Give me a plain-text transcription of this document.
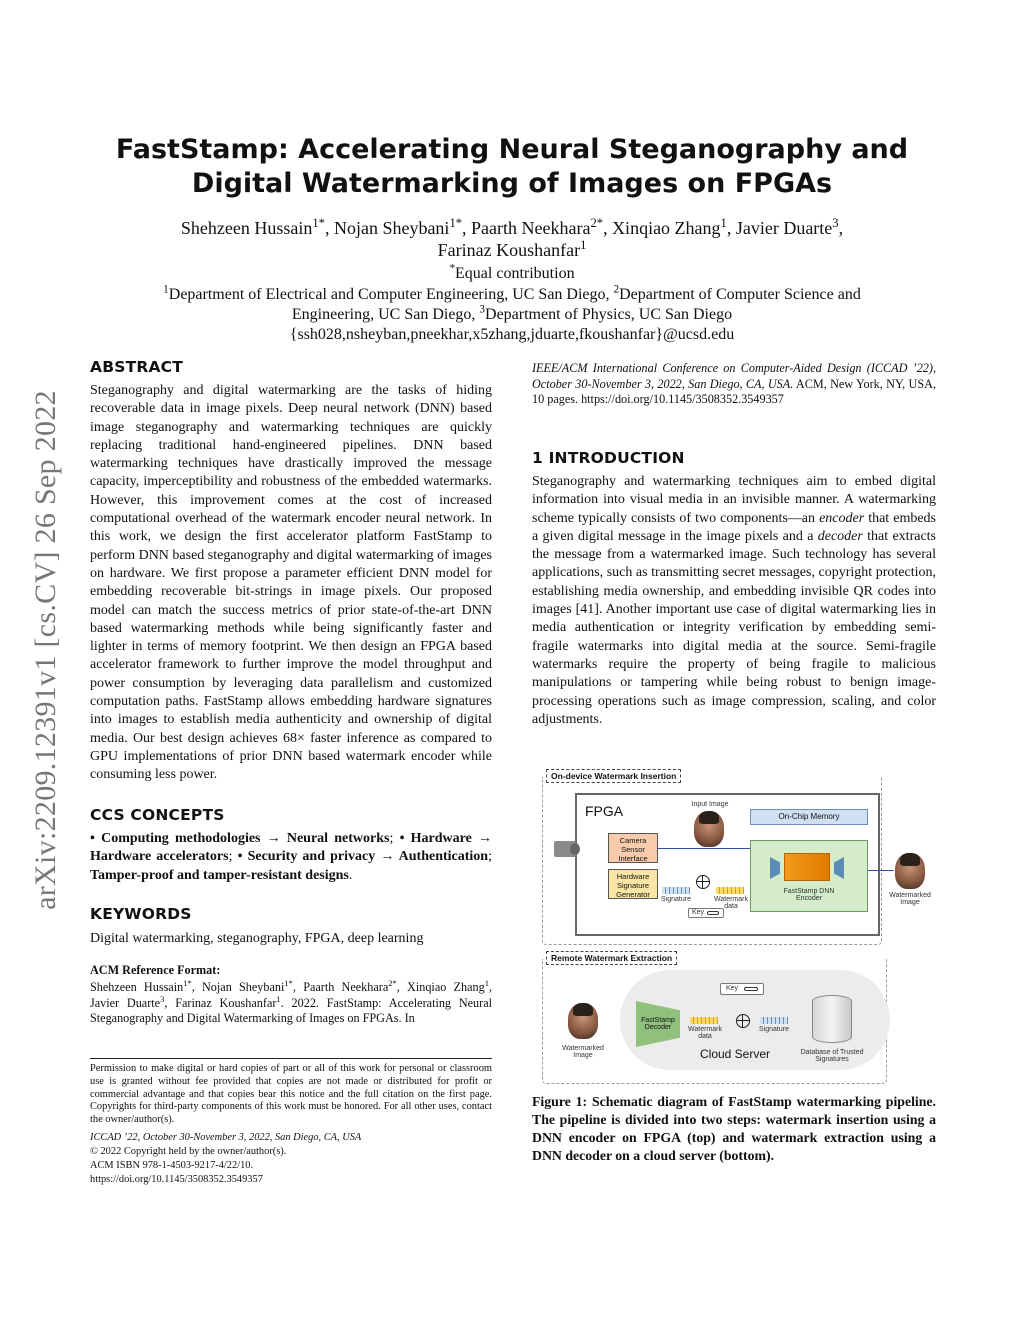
arXiv:2209.12391v1 [cs.CV] 26 Sep 2022
FastStamp: Accelerating Neural Steganography and Digital Watermarking of Images on FPGAs
Shehzeen Hussain$^{1*}$, Nojan Sheybani$^{1*}$, Paarth Neekhara$^{2*}$, Xinqiao Zhang$^1$, Javier Duarte$^3$,
Farinaz Koushanfar$^1$
*Equal contribution
$^1$Department of Electrical and Computer Engineering, UC San Diego, $^2$Department of Computer Science and
Engineering, UC San Diego, $^3$Department of Physics, UC San Diego
{ssh028,nsheyban,pneekhar,x5zhang,jduarte,fkoushanfar}@ucsd.edu
ABSTRACT
Steganography and digital watermarking are the tasks of hiding recoverable data in image pixels. Deep neural network (DNN) based image steganography and watermarking techniques are quickly replacing traditional hand-engineered pipelines. DNN based watermarking techniques have drastically improved the message capacity, imperceptibility and robustness of the embedded watermarks. However, this improvement comes at the cost of increased computational overhead of the watermark encoder neural network. In this work, we design the first accelerator platform FastStamp to perform DNN based steganography and digital watermarking of images on hardware. We first propose a parameter efficient DNN model for embedding recoverable bit-strings in image pixels. Our proposed model can match the success metrics of prior state-of-the-art DNN based watermarking methods while being significantly faster and lighter in terms of memory footprint. We then design an FPGA based accelerator framework to further improve the model throughput and power consumption by leveraging data parallelism and customized computation paths. FastStamp allows embedding hardware signatures into images to establish media authenticity and ownership of digital media. Our best design achieves 68× faster inference as compared to GPU implementations of prior DNN based watermark encoder while consuming less power.
CCS CONCEPTS
• Computing methodologies → Neural networks; • Hardware → Hardware accelerators; • Security and privacy → Authentication; Tamper-proof and tamper-resistant designs.
KEYWORDS
Digital watermarking, steganography, FPGA, deep learning
ACM Reference Format:
Shehzeen Hussain$^{1*}$, Nojan Sheybani$^{1*}$, Paarth Neekhara$^{2*}$, Xinqiao Zhang$^1$, Javier Duarte$^3$, Farinaz Koushanfar$^1$. 2022. FastStamp: Accelerating Neural Steganography and Digital Watermarking of Images on FPGAs. In
Permission to make digital or hard copies of part or all of this work for personal or classroom use is granted without fee provided that copies are not made or distributed for profit or commercial advantage and that copies bear this notice and the full citation on the first page. Copyrights for third-party components of this work must be honored. For all other uses, contact the owner/author(s).
ICCAD ’22, October 30-November 3, 2022, San Diego, CA, USA
© 2022 Copyright held by the owner/author(s).
ACM ISBN 978-1-4503-9217-4/22/10.
https://doi.org/10.1145/3508352.3549357
IEEE/ACM International Conference on Computer-Aided Design (ICCAD ’22), October 30-November 3, 2022, San Diego, CA, USA. ACM, New York, NY, USA, 10 pages. https://doi.org/10.1145/3508352.3549357
1 INTRODUCTION
Steganography and watermarking techniques aim to embed digital information into visual media in an invisible manner. A watermarking scheme typically consists of two components—an encoder that embeds a given digital message in the image pixels and a decoder that extracts the message from a watermarked image. Such technology has several applications, such as transmitting secret messages, copyright protection, establishing media ownership, and embedding invisible QR codes into images [41]. Another important use case of digital watermarking lies in media authentication or integrity verification by embedding semi-fragile watermarks into digital media at the source. Semi-fragile watermarks require the property of being fragile to malicious manipulations or tampering while being robust to benign image-processing operations such as image compression, scaling, and color adjustments.
On-device Watermark Insertion
FPGA	Input Image
On-Chip Memory
Camera Sensor Interface
Hardware Signature Generator
Signature	Watermark data
Key
FastStamp DNN Encoder	Watermarked Image
Remote Watermark Extraction
Watermarked Image
FastStamp Decoder	Watermark data
Key
Signature
Cloud Server	Database of Trusted Signatures
Figure 1: Schematic diagram of FastStamp watermarking pipeline. The pipeline is divided into two steps: watermark insertion using a DNN encoder on FPGA (top) and watermark extraction using a DNN decoder on a cloud server (bottom).
